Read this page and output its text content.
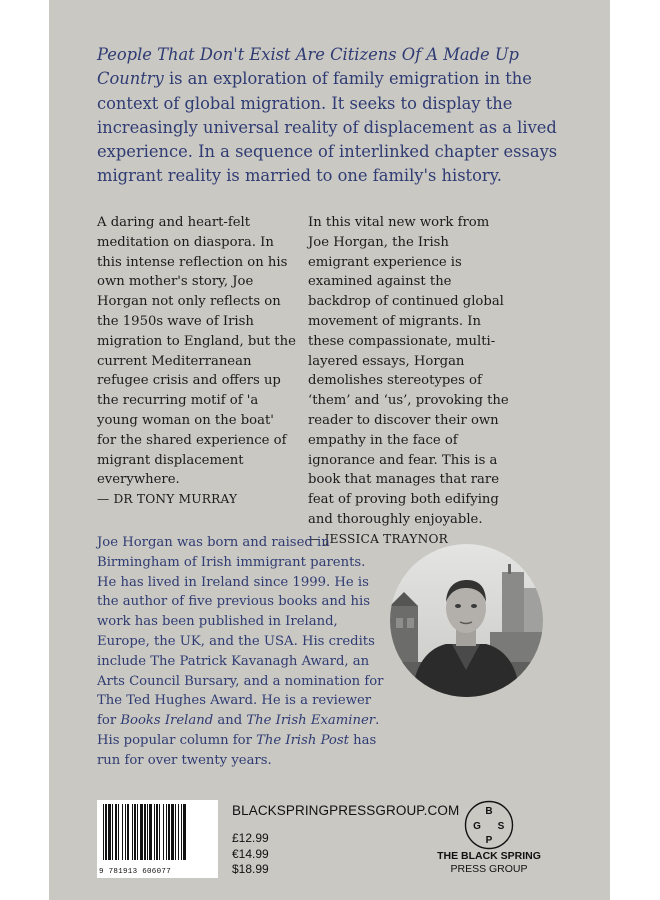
People That Don't Exist Are Citizens Of A Made Up Country is an exploration of family emigration in the context of global migration. It seeks to display the increasingly universal reality of displacement as a lived experience. In a sequence of interlinked chapter essays migrant reality is married to one family's history.

A daring and heart-felt meditation on diaspora. In this intense reflection on his own mother's story, Joe Horgan not only reflects on the 1950s wave of Irish migration to England, but the current Mediterranean refugee crisis and offers up the recurring motif of 'a young woman on the boat' for the shared experience of migrant displacement everywhere.
— DR TONY MURRAY
In this vital new work from Joe Horgan, the Irish emigrant experience is examined against the backdrop of continued global movement of migrants. In these compassionate, multi-layered essays, Horgan demolishes stereotypes of ‘them’ and ‘us’, provoking the reader to discover their own empathy in the face of ignorance and fear. This is a book that manages that rare feat of proving both edifying and thoroughly enjoyable.
— JESSICA TRAYNOR

Joe Horgan was born and raised in Birmingham of Irish immigrant parents. He has lived in Ireland since 1999. He is the author of five previous books and his work has been published in Ireland, Europe, the UK, and the USA. His credits include The Patrick Kavanagh Award, an Arts Council Bursary, and a nomination for The Ted Hughes Award. He is a reviewer for Books Ireland and The Irish Examiner. His popular column for The Irish Post has run for over twenty years.

9 781913 606077
BLACKSPRINGPRESSGROUP.COM
£12.99
€14.99
$18.99
B
G S
P
THE BLACK SPRING
PRESS GROUP
